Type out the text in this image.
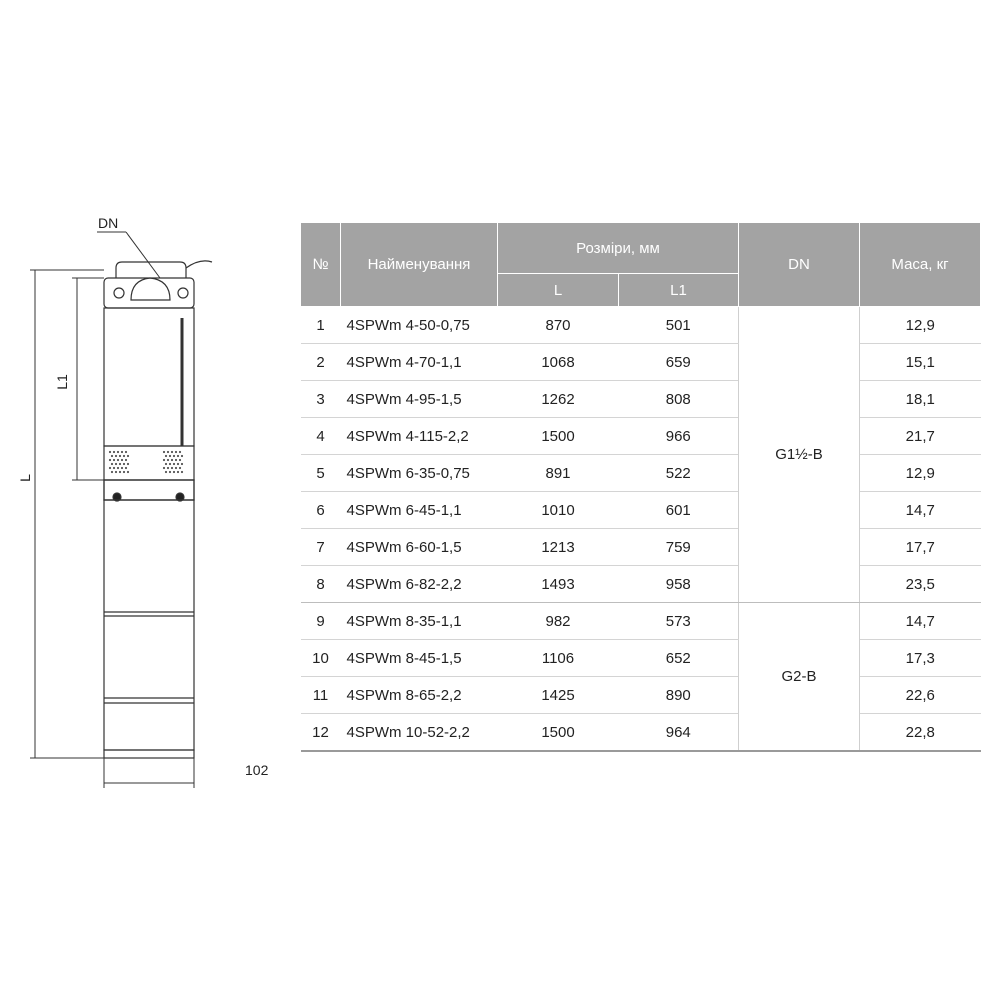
DN
L1
L
102
№	Найменування	Розміри, мм		DN	Маса, кг
		L	L1		
1	4SPWm 4-50-0,75	870	501	G1½-B	12,9
2	4SPWm 4-70-1,1	1068	659		15,1
3	4SPWm 4-95-1,5	1262	808		18,1
4	4SPWm 4-115-2,2	1500	966		21,7
5	4SPWm 6-35-0,75	891	522		12,9
6	4SPWm 6-45-1,1	1010	601		14,7
7	4SPWm 6-60-1,5	1213	759		17,7
8	4SPWm 6-82-2,2	1493	958		23,5
9	4SPWm 8-35-1,1	982	573	G2-B	14,7
10	4SPWm 8-45-1,5	1106	652		17,3
11	4SPWm 8-65-2,2	1425	890		22,6
12	4SPWm 10-52-2,2	1500	964		22,8
